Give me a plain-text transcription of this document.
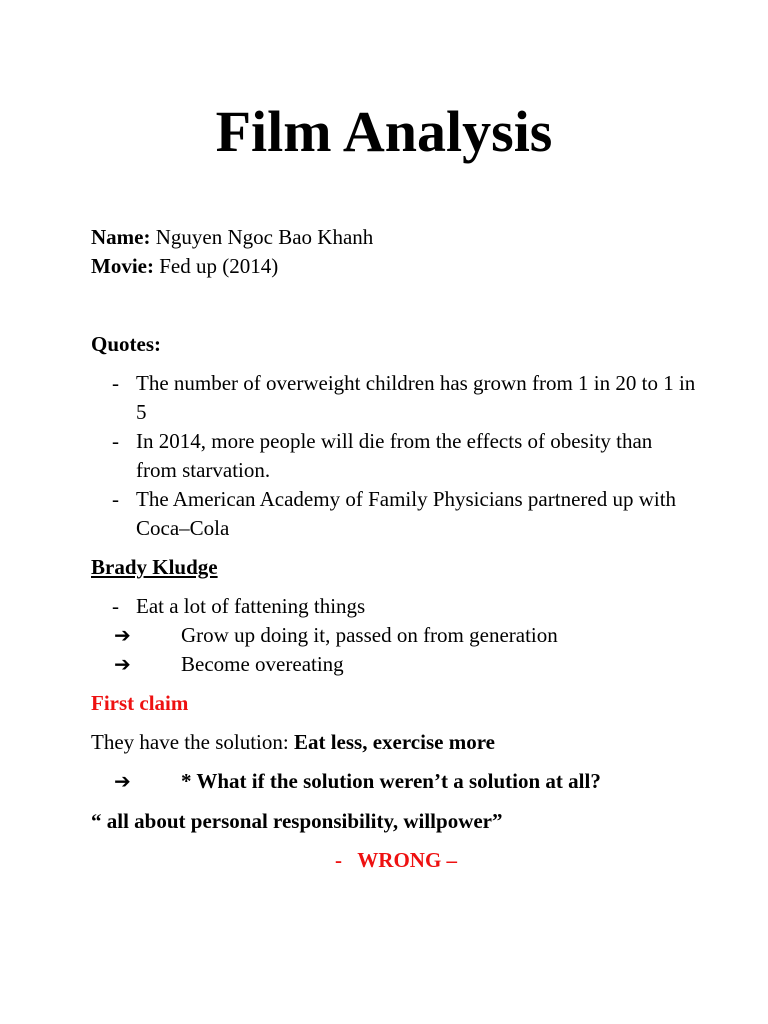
Film Analysis
Name: Nguyen Ngoc Bao Khanh
Movie: Fed up (2014)
Quotes:
- The number of overweight children has grown from 1 in 20 to 1 in 5
- In 2014, more people will die from the effects of obesity than from starvation.
- The American Academy of Family Physicians partnered up with Coca–Cola
Brady Kludge
- Eat a lot of fattening things
➔ Grow up doing it, passed on from generation
➔ Become overeating
First claim
They have the solution: Eat less, exercise more
➔ * What if the solution weren’t a solution at all?
“ all about personal responsibility, willpower”
-   WRONG –
